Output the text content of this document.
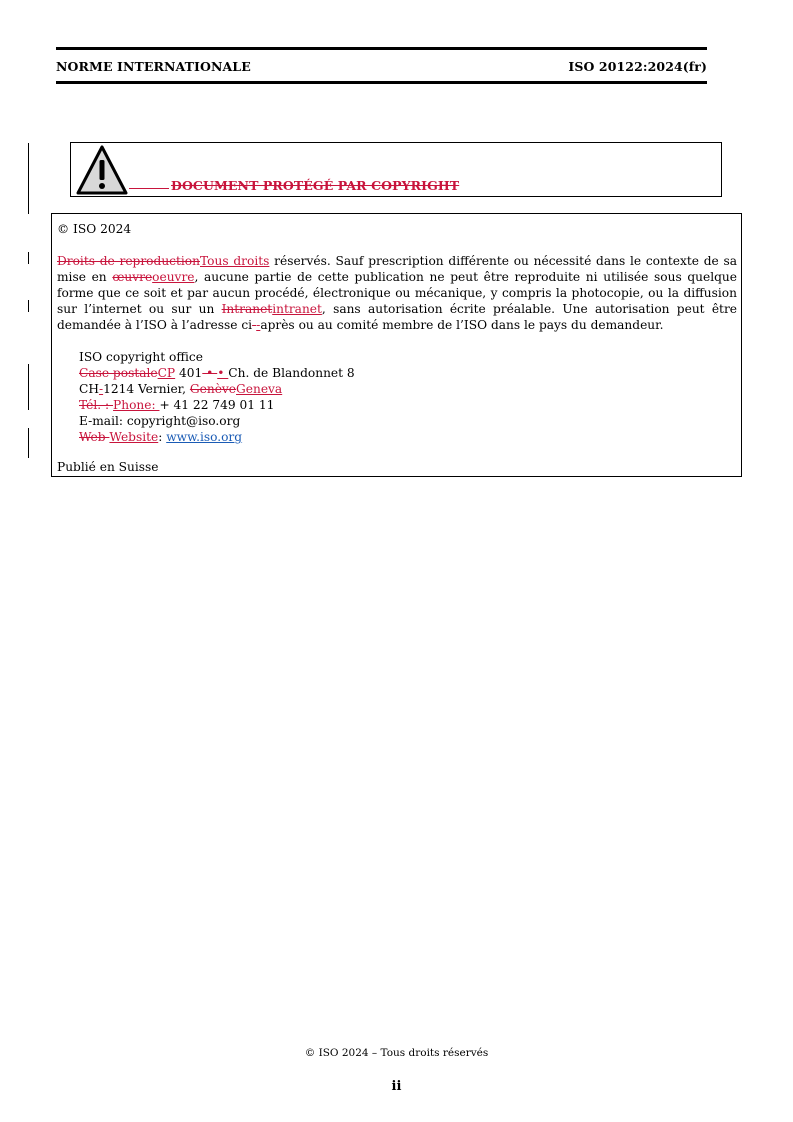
NORME INTERNATIONALE	ISO 20122:2024(fr)
DOCUMENT PROTÉGÉ PAR COPYRIGHT

© ISO 2024

Droits de reproductionTous droits réservés. Sauf prescription différente ou nécessité dans le contexte de sa mise en œuvreoeuvre, aucune partie de cette publication ne peut être reproduite ni utilisée sous quelque forme que ce soit et par aucun procédé, électronique ou mécanique, y compris la photocopie, ou la diffusion sur l’internet ou sur un Intranetintranet, sans autorisation écrite préalable. Une autorisation peut être demandée à l’ISO à l’adresse ci--après ou au comité membre de l’ISO dans le pays du demandeur.

ISO copyright office
Case postaleCP 401 • • Ch. de Blandonnet 8
CH-1214 Vernier, GenèveGeneva
Tél. : Phone: + 41 22 749 01 11
E-mail: copyright@iso.org
Web Website: www.iso.org

Publié en Suisse

© ISO 2024 – Tous droits réservés
ii
